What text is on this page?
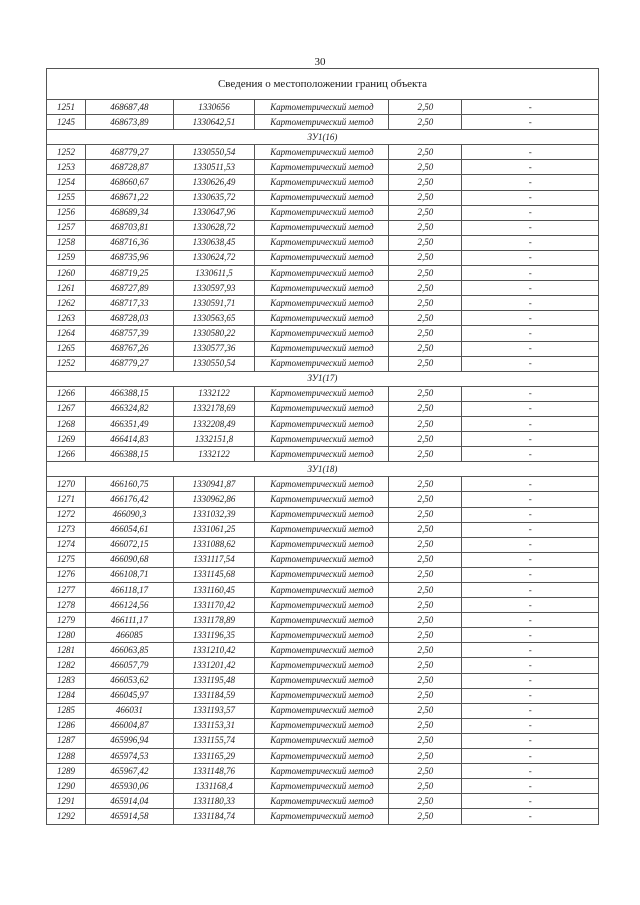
30
Сведения о местоположении границ объекта					
1251	468687,48	1330656	Картометрический метод	2,50	-
1245	468673,89	1330642,51	Картометрический метод	2,50	-
ЗУ1(16)					
1252	468779,27	1330550,54	Картометрический метод	2,50	-
1253	468728,87	1330511,53	Картометрический метод	2,50	-
1254	468660,67	1330626,49	Картометрический метод	2,50	-
1255	468671,22	1330635,72	Картометрический метод	2,50	-
1256	468689,34	1330647,96	Картометрический метод	2,50	-
1257	468703,81	1330628,72	Картометрический метод	2,50	-
1258	468716,36	1330638,45	Картометрический метод	2,50	-
1259	468735,96	1330624,72	Картометрический метод	2,50	-
1260	468719,25	1330611,5	Картометрический метод	2,50	-
1261	468727,89	1330597,93	Картометрический метод	2,50	-
1262	468717,33	1330591,71	Картометрический метод	2,50	-
1263	468728,03	1330563,65	Картометрический метод	2,50	-
1264	468757,39	1330580,22	Картометрический метод	2,50	-
1265	468767,26	1330577,36	Картометрический метод	2,50	-
1252	468779,27	1330550,54	Картометрический метод	2,50	-
ЗУ1(17)					
1266	466388,15	1332122	Картометрический метод	2,50	-
1267	466324,82	1332178,69	Картометрический метод	2,50	-
1268	466351,49	1332208,49	Картометрический метод	2,50	-
1269	466414,83	1332151,8	Картометрический метод	2,50	-
1266	466388,15	1332122	Картометрический метод	2,50	-
ЗУ1(18)					
1270	466160,75	1330941,87	Картометрический метод	2,50	-
1271	466176,42	1330962,86	Картометрический метод	2,50	-
1272	466090,3	1331032,39	Картометрический метод	2,50	-
1273	466054,61	1331061,25	Картометрический метод	2,50	-
1274	466072,15	1331088,62	Картометрический метод	2,50	-
1275	466090,68	1331117,54	Картометрический метод	2,50	-
1276	466108,71	1331145,68	Картометрический метод	2,50	-
1277	466118,17	1331160,45	Картометрический метод	2,50	-
1278	466124,56	1331170,42	Картометрический метод	2,50	-
1279	466111,17	1331178,89	Картометрический метод	2,50	-
1280	466085	1331196,35	Картометрический метод	2,50	-
1281	466063,85	1331210,42	Картометрический метод	2,50	-
1282	466057,79	1331201,42	Картометрический метод	2,50	-
1283	466053,62	1331195,48	Картометрический метод	2,50	-
1284	466045,97	1331184,59	Картометрический метод	2,50	-
1285	466031	1331193,57	Картометрический метод	2,50	-
1286	466004,87	1331153,31	Картометрический метод	2,50	-
1287	465996,94	1331155,74	Картометрический метод	2,50	-
1288	465974,53	1331165,29	Картометрический метод	2,50	-
1289	465967,42	1331148,76	Картометрический метод	2,50	-
1290	465930,06	1331168,4	Картометрический метод	2,50	-
1291	465914,04	1331180,33	Картометрический метод	2,50	-
1292	465914,58	1331184,74	Картометрический метод	2,50	-
